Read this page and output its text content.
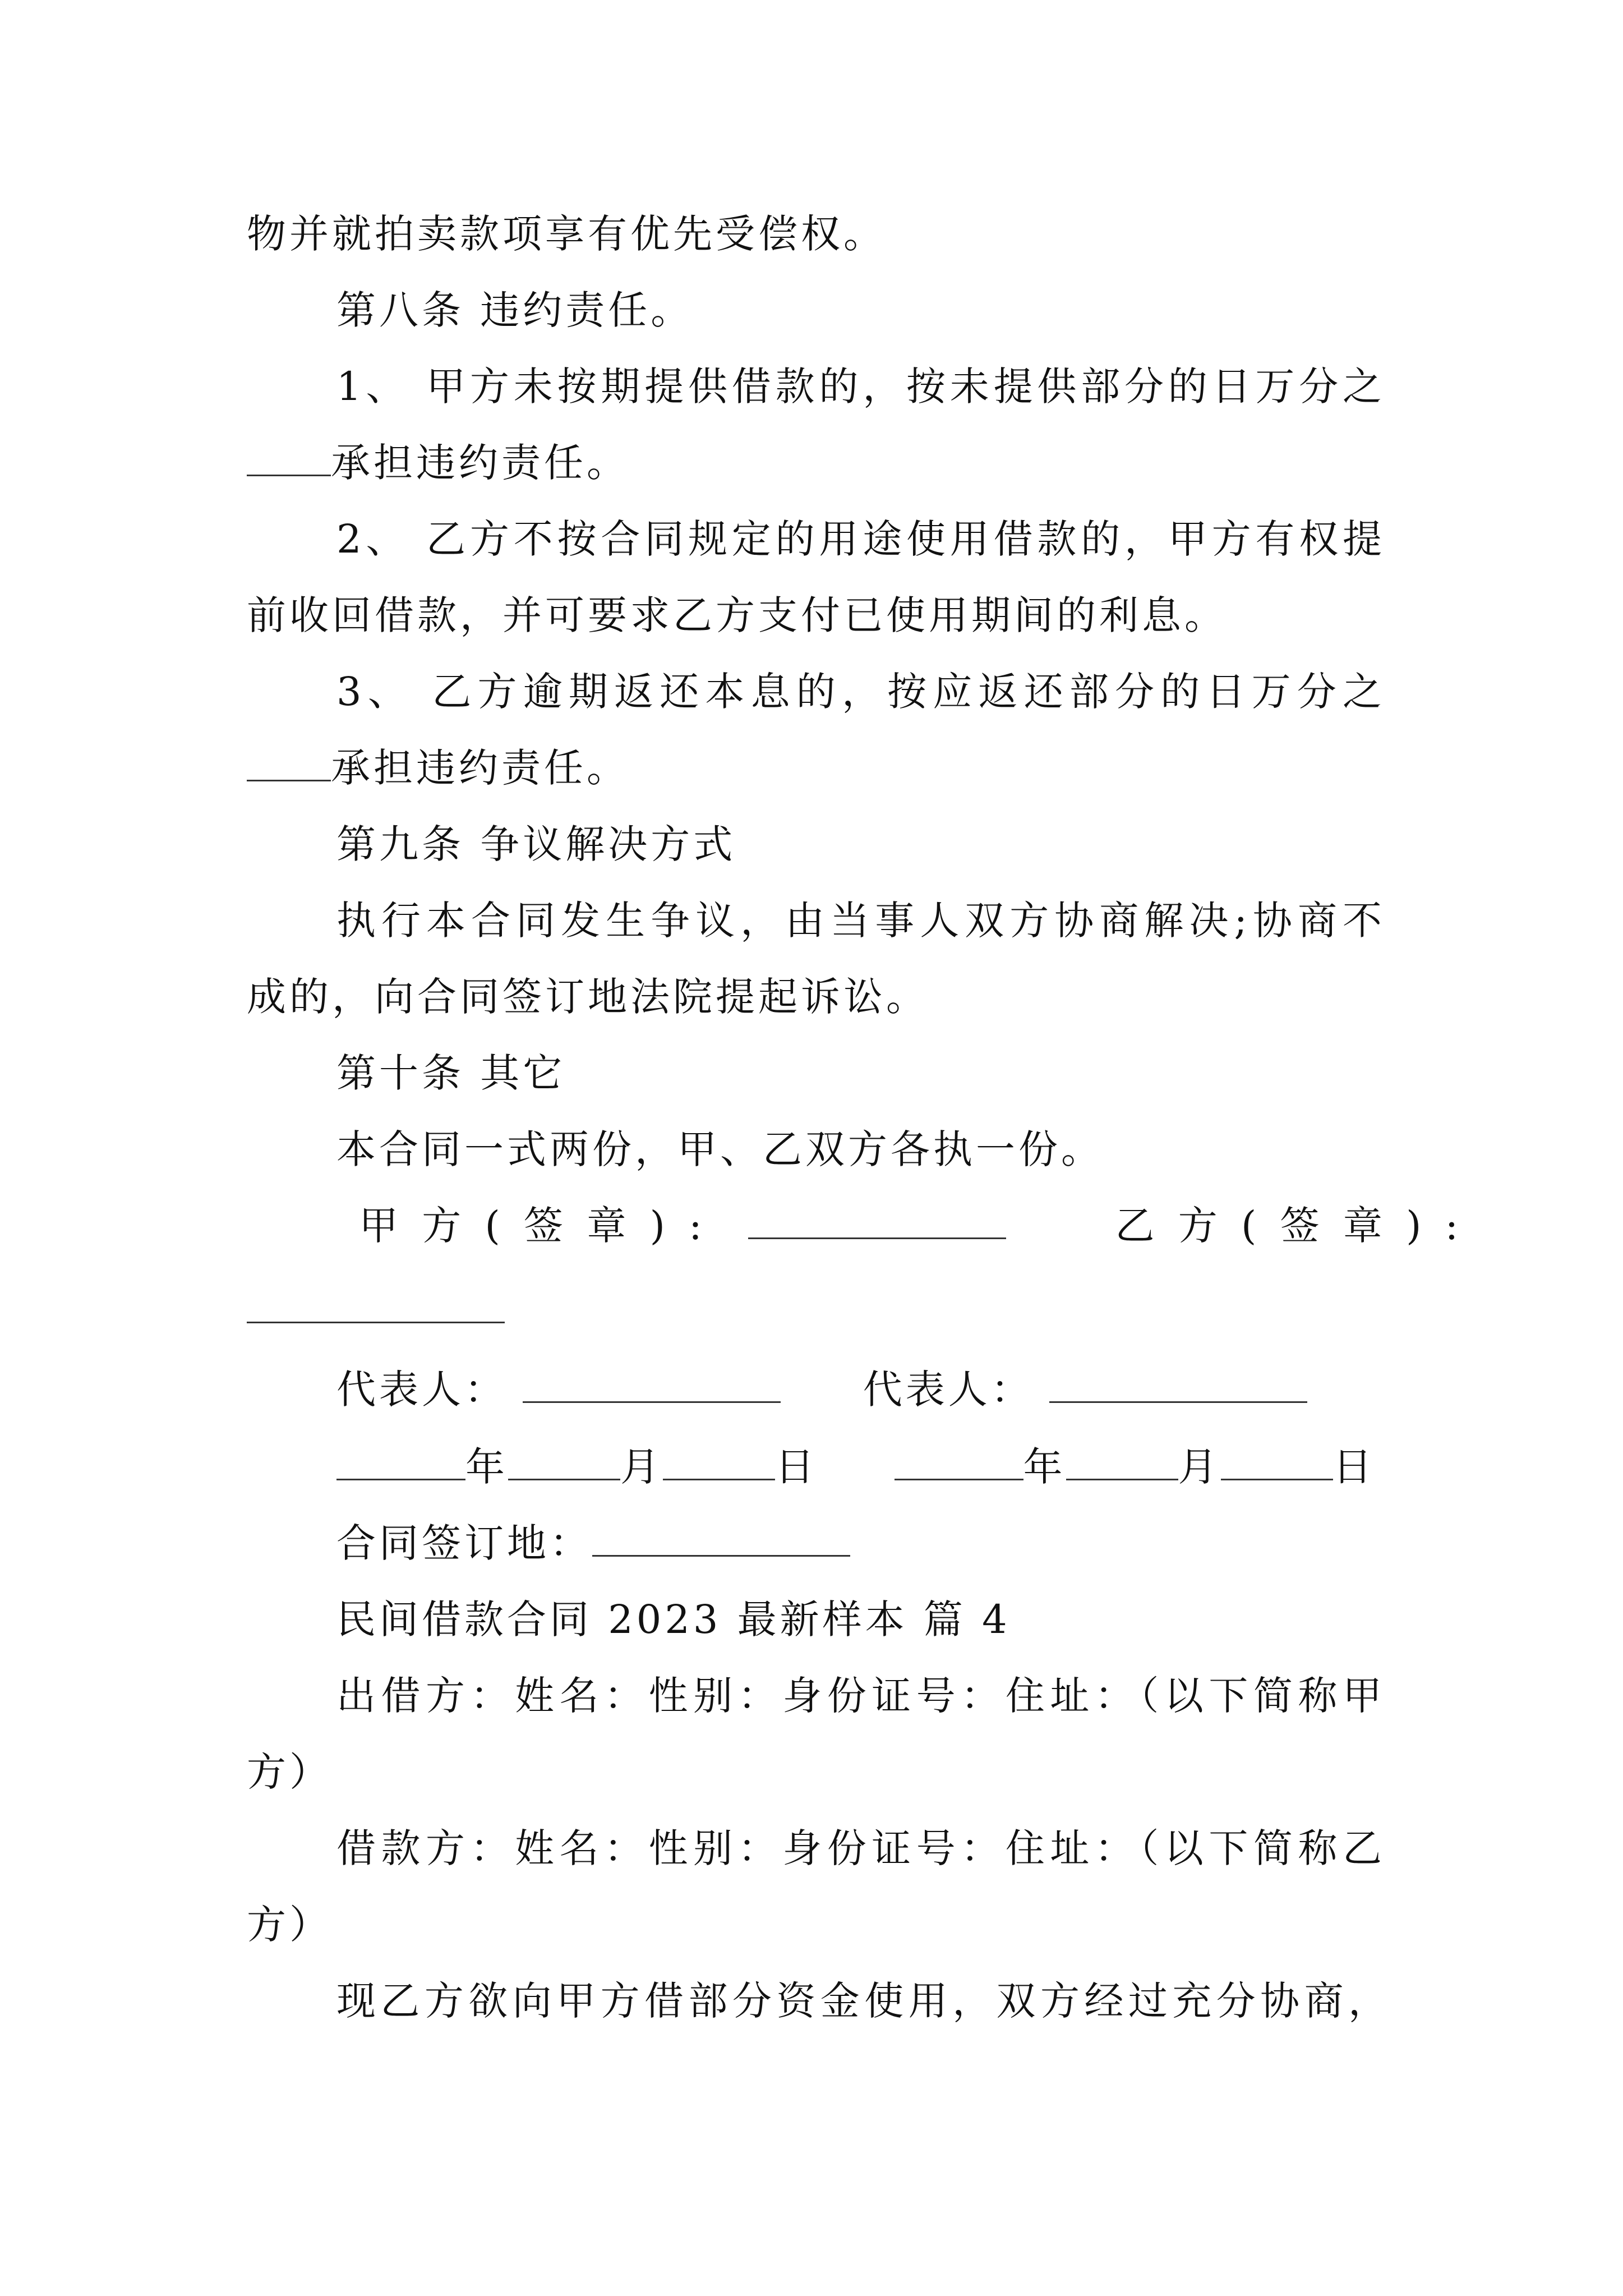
物并就拍卖款项享有优先受偿权。
第八条 违约责任。
1、 甲方未按期提供借款的，按未提供部分的日万分之
承担违约责任。
2、 乙方不按合同规定的用途使用借款的，甲方有权提
前收回借款，并可要求乙方支付已使用期间的利息。
3、 乙方逾期返还本息的，按应返还部分的日万分之
承担违约责任。
第九条 争议解决方式
执行本合同发生争议，由当事人双方协商解决;协商不
成的，向合同签订地法院提起诉讼。
第十条 其它
本合同一式两份，甲、乙双方各执一份。
甲 方 ( 签 章 ) :	乙 方 ( 签 章 ) :
代表人：	代表人：
年	月	日	年	月	日
合同签订地：
民间借款合同 2023 最新样本 篇 4
出借方：姓名：性别：身份证号：住址：（以下简称甲
方）
借款方：姓名：性别：身份证号：住址：（以下简称乙
方）
现乙方欲向甲方借部分资金使用，双方经过充分协商，
